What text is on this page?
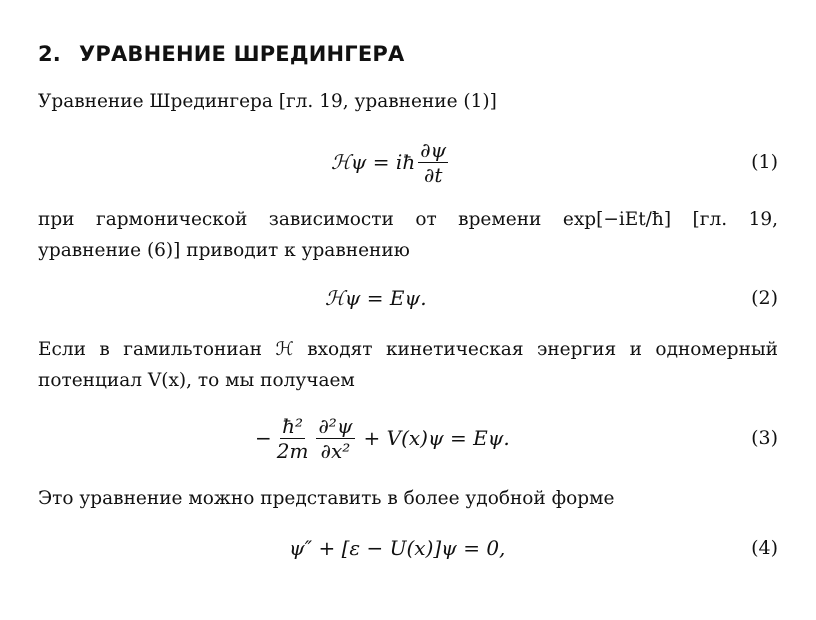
2. УРАВНЕНИЕ ШРЕДИНГЕРА
Уравнение Шредингера [гл. 19, уравнение (1)]
ℋψ = iħ $\frac{\partial\psi}{\partial t}$	(1)
при гармонической зависимости от времени exp[−iEt/ħ] [гл. 19,
уравнение (6)] приводит к уравнению
ℋψ = Eψ.	(2)
Если в гамильтониан ℋ входят кинетическая энергия и одномерный
потенциал V(x), то мы получаем
− $\frac{\text{ħ²}}{2m} \frac{\text{∂²ψ}}{\text{∂x²}} + V(x)\psi = E\psi$.	(3)
Это уравнение можно представить в более удобной форме
ψ″ + [ε − U(x)]ψ = 0,	(4)
